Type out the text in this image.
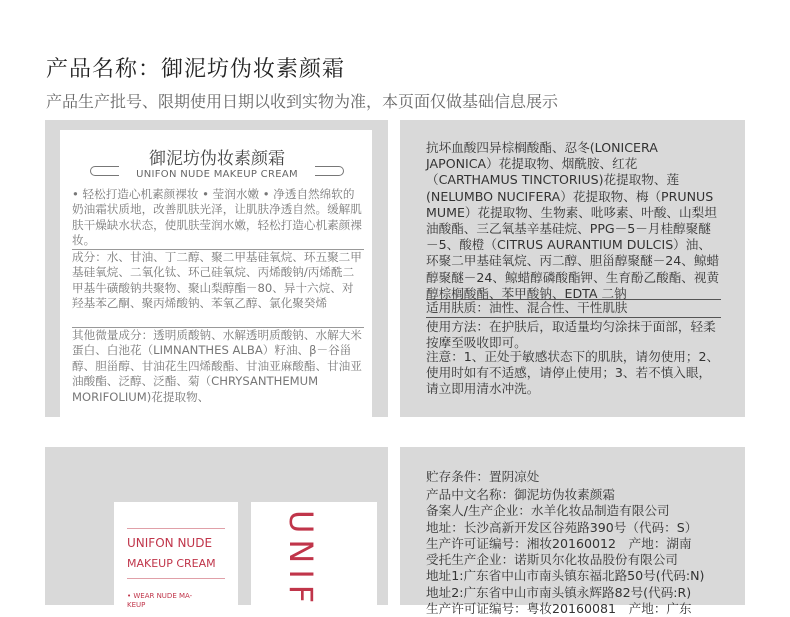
产品名称：御泥坊伪妆素颜霜
产品生产批号、限期使用日期以收到实物为准，本页面仅做基础信息展示
御泥坊伪妆素颜霜
UNIFON NUDE MAKEUP CREAM
• 轻松打造心机素颜裸妆 • 莹润水嫩 • 净透自然绵软的奶油霜状质地，改善肌肤光泽，让肌肤净透自然。缓解肌肤干燥缺水状态，使肌肤莹润水嫩，轻松打造心机素颜裸妆。
成分：水、甘油、丁二醇、聚二甲基硅氧烷、环五聚二甲基硅氧烷、二氧化钛、环己硅氧烷、丙烯酸钠/丙烯酰二甲基牛磺酸钠共聚物、聚山梨醇酯－80、异十六烷、对羟基苯乙酮、聚丙烯酸钠、苯氧乙醇、氯化聚癸烯
其他微量成分：透明质酸钠、水解透明质酸钠、水解大米蛋白、白池花（LIMNANTHES ALBA）籽油、β－谷甾醇、胆甾醇、甘油花生四烯酸酯、甘油亚麻酸酯、甘油亚油酸酯、泛醇、泛酯、菊（CHRYSANTHEMUM MORIFOLIUM)花提取物、
抗坏血酸四异棕榈酸酯、忍冬(LONICERA JAPONICA）花提取物、烟酰胺、红花（CARTHAMUS TINCTORIUS)花提取物、莲(NELUMBO NUCIFERA）花提取物、梅（PRUNUS MUME）花提取物、生物素、吡哆素、叶酸、山梨坦油酸酯、三乙氧基辛基硅烷、PPG－5－月桂醇聚醚－5、酸橙（CITRUS AURANTIUM DULCIS）油、环聚二甲基硅氧烷、丙二醇、胆甾醇聚醚－24、鲸蜡醇聚醚－24、鲸蜡醇磷酸酯钾、生育酚乙酸酯、视黄醇棕榈酸酯、苯甲酸钠、EDTA 二钠
适用肤质：油性、混合性、干性肌肤
使用方法：在护肤后，取适量均匀涂抹于面部，轻柔按摩至吸收即可。
注意：1、正处于敏感状态下的肌肤，请勿使用；2、使用时如有不适感，请停止使用；3、若不慎入眼，请立即用清水冲洗。
UNIFON NUDE
MAKEUP CREAM
• WEAR NUDE MA-
KEUP	UNIF
贮存条件：置阴凉处
产品中文名称：御泥坊伪妆素颜霜
备案人/生产企业：水羊化妆品制造有限公司
地址：长沙高新开发区谷苑路390号（代码：S）
生产许可证编号：湘妆20160012　产地：湖南
受托生产企业：诺斯贝尔化妆品股份有限公司
地址1:广东省中山市南头镇东福北路50号(代码:N)
地址2:广东省中山市南头镇永辉路82号(代码:R)
生产许可证编号：粤妆20160081　产地：广东
